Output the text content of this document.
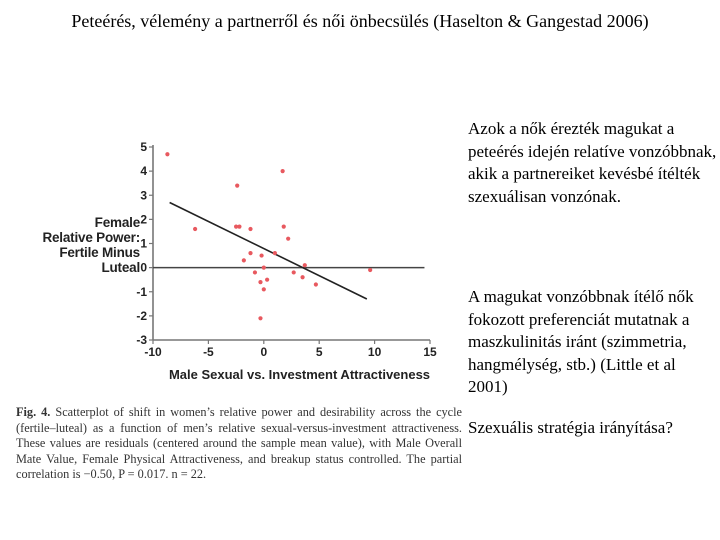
Peteérés, vélemény a partnerről és női önbecsülés (Haselton & Gangestad 2006)
Female
Relative Power:
Fertile Minus
Luteal
5
4
3
2
1
0
-1
-2
-3
-10	-5	0	5	10	15
Male Sexual vs. Investment Attractiveness
Fig. 4. Scatterplot of shift in women’s relative power and desirability across the cycle (fertile–luteal) as a function of men’s relative sexual-versus-investment attractiveness. These values are residuals (centered around the sample mean value), with Male Overall Mate Value, Female Physical Attractiveness, and breakup status controlled. The partial correlation is −0.50, P = 0.017. n = 22.
Azok a nők érezték magukat a peteérés idején relatíve vonzóbbnak, akik a partnereiket kevésbé ítélték szexuálisan vonzónak.
A magukat vonzóbbnak ítélő nők fokozott preferenciát mutatnak a maszkulinitás iránt (szimmetria, hangmélység, stb.) (Little et al 2001)
Szexuális stratégia irányítása?
